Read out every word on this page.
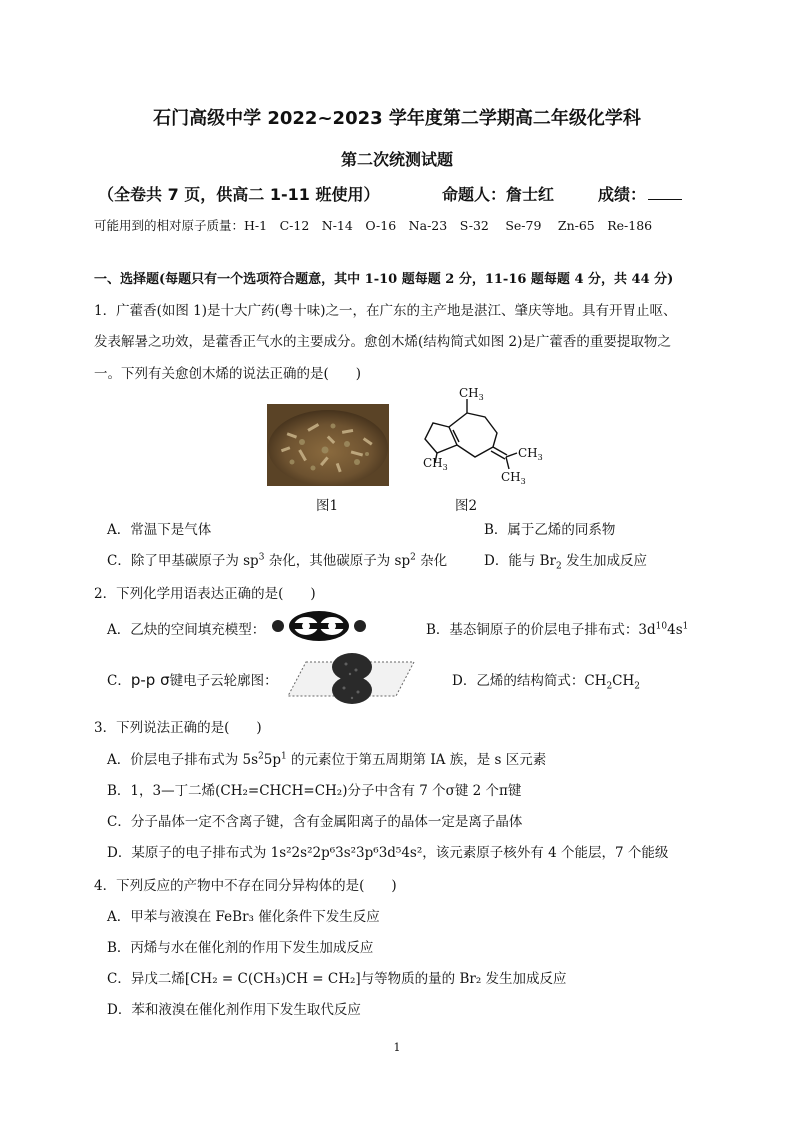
石门高级中学 2022~2023 学年度第二学期高二年级化学科
第二次统测试题
（全卷共 7 页，供高二 1-11 班使用）	命题人：詹士红	成绩：
可能用到的相对原子质量：H-1　C-12　N-14　O-16　Na-23　S-32　 Se-79　 Zn-65　Re-186
一、选择题(每题只有一个选项符合题意，其中 1-10 题每题 2 分，11-16 题每题 4 分，共 44 分)
1．广藿香(如图 1)是十大广药(粤十味)之一，在广东的主产地是湛江、肇庆等地。具有开胃止呕、
发表解暑之功效，是藿香正气水的主要成分。愈创木烯(结构简式如图 2)是广藿香的重要提取物之
一。下列有关愈创木烯的说法正确的是(　　)
图1
$CH_3$
$CH_3$
$CH_3$
$CH_3$
图2
A．常温下是气体	B．属于乙烯的同系物
C．除了甲基碳原子为 $sp^3$ 杂化，其他碳原子为 $sp^2$ 杂化	D．能与 $Br_2$ 发生加成反应
2．下列化学用语表达正确的是(　　)
A．乙炔的空间填充模型：	B．基态铜原子的价层电子排布式：$3d^{10}4s^1$
C．p-p σ键电子云轮廓图：	D．乙烯的结构简式：$CH_2CH_2$
3．下列说法正确的是(　　)
A．价层电子排布式为 $5s^25p^1$ 的元素位于第五周期第 IA 族，是 s 区元素
B．1，3—丁二烯(CH₂=CHCH=CH₂)分子中含有 7 个σ键 2 个π键
C．分子晶体一定不含离子键，含有金属阳离子的晶体一定是离子晶体
D．某原子的电子排布式为 1s²2s²2p⁶3s²3p⁶3d⁵4s²，该元素原子核外有 4 个能层，7 个能级
4．下列反应的产物中不存在同分异构体的是(　　)
A．甲苯与液溴在 FeBr₃ 催化条件下发生反应
B．丙烯与水在催化剂的作用下发生加成反应
C．异戊二烯[CH₂ = C(CH₃)CH = CH₂]与等物质的量的 Br₂ 发生加成反应
D．苯和液溴在催化剂作用下发生取代反应
1
